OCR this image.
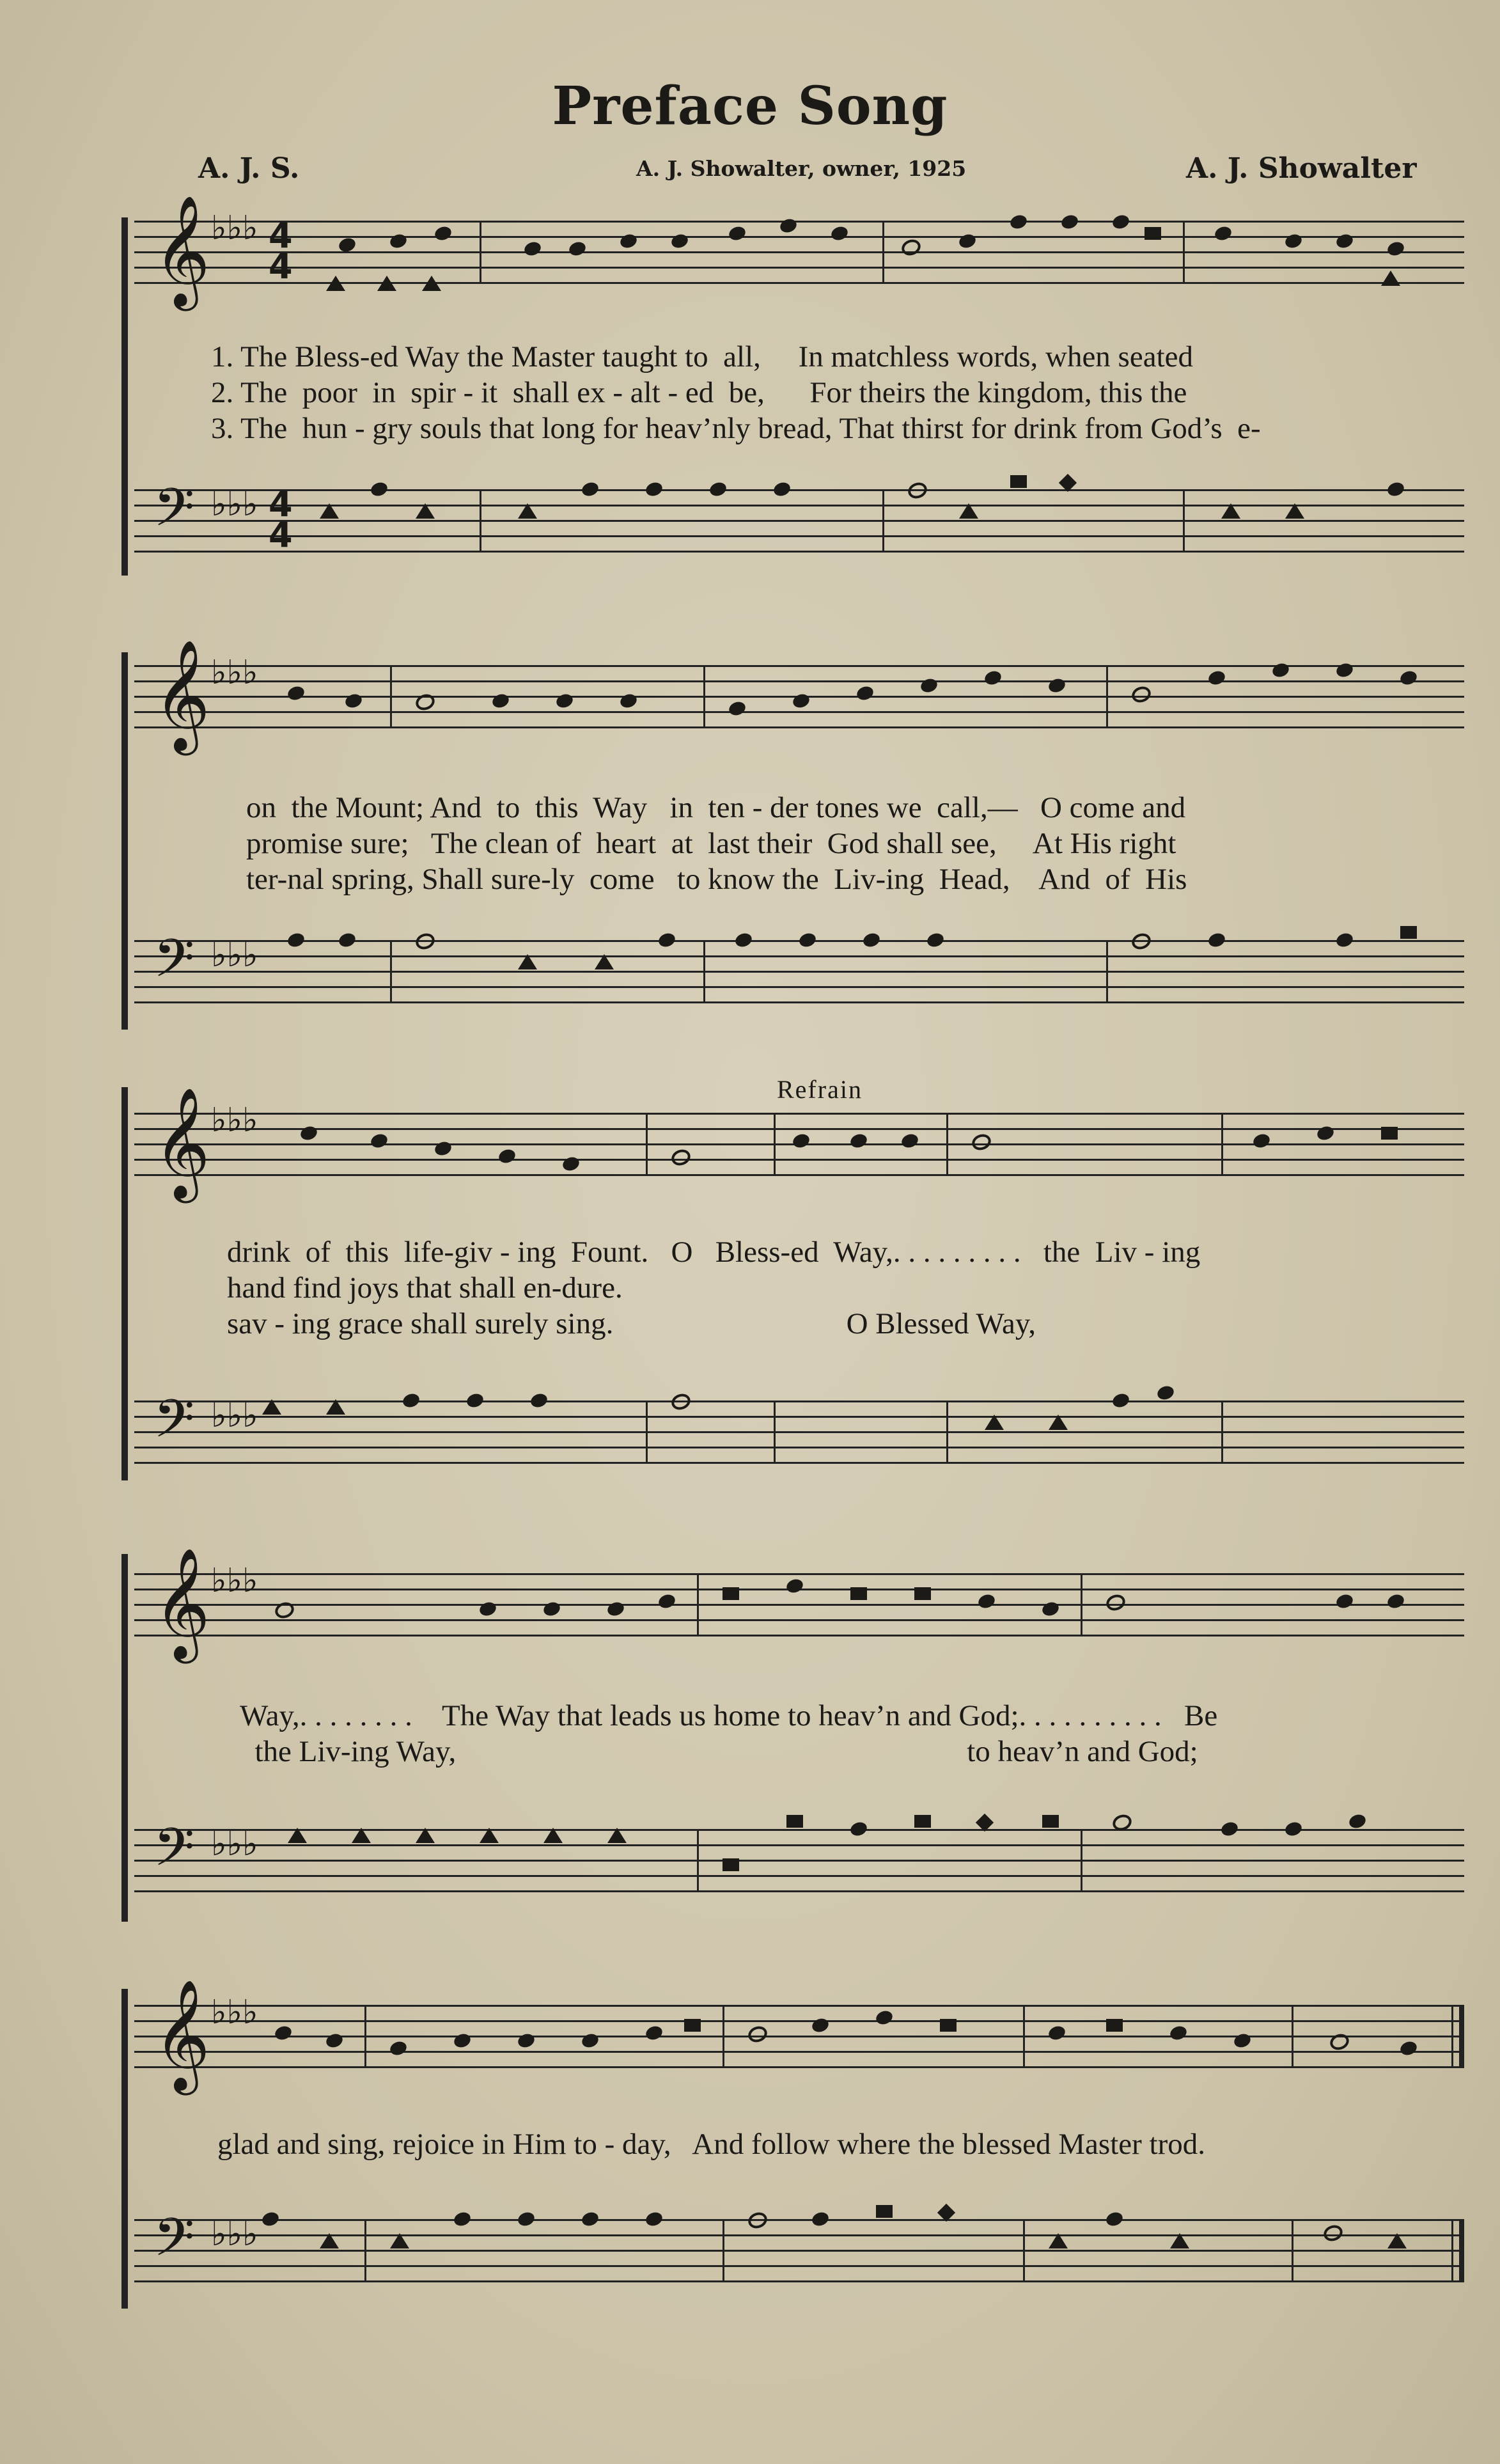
Preface Song
A. J. S.	A. J. Showalter, owner, 1925	A. J. Showalter
𝄞 ♭♭♭ 4
4
1. The Bless-ed Way the Master taught to  all,     In matchless words, when seated
2. The  poor  in  spir - it  shall ex - alt - ed  be,      For theirs the kingdom, this the
3. The  hun - gry souls that long for heav’nly bread, That thirst for drink from God’s  e-
𝄢 ♭♭♭ 4
4
𝄞 ♭♭♭
on  the Mount; And  to  this  Way   in  ten - der tones we  call,—   O come and
promise sure;   The clean of  heart  at  last their  God shall see,     At His right
ter-nal spring, Shall sure-ly  come   to know the  Liv-ing  Head,    And  of  His
𝄢 ♭♭♭
Refrain
𝄞 ♭♭♭
drink  of  this  life-giv - ing  Fount.   O   Bless-ed  Way,. . . . . . . . .   the  Liv - ing
hand find joys that shall en-dure.
sav - ing grace shall surely sing.                               O Blessed Way,
𝄢 ♭♭♭
𝄞 ♭♭♭
Way,. . . . . . . .    The Way that leads us home to heav’n and God;. . . . . . . . . .   Be
the Liv-ing Way,                                                                    to heav’n and God;
𝄢 ♭♭♭
𝄞 ♭♭♭
glad and sing, rejoice in Him to - day,   And follow where the blessed Master trod.
𝄢 ♭♭♭
